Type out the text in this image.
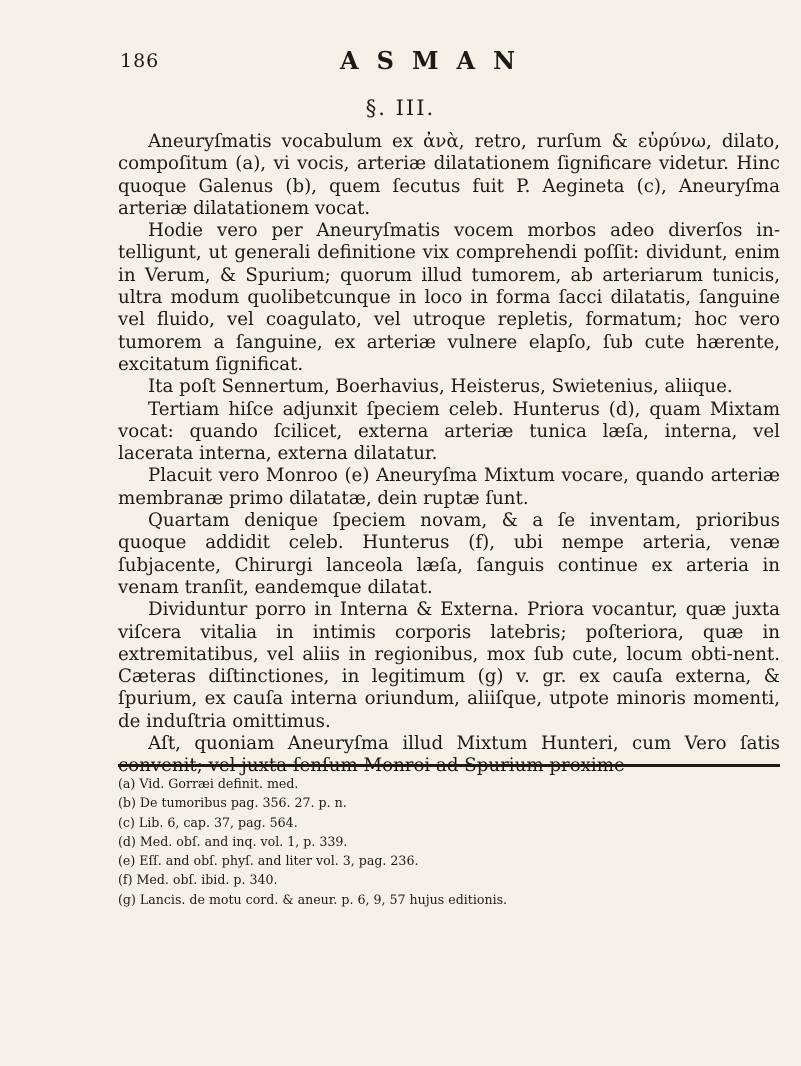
186	ASMAN
§. III.

Aneuryſmatis vocabulum ex ἀνὰ, retro, rurſum & εὐρύνω, dilato, compoſitum (a), vi vocis, arteriæ dilatationem ſignificare videtur. Hinc quoque Galenus (b), quem ſecutus fuit P. Aegineta (c), Aneuryſma arteriæ dilatationem vocat.

Hodie vero per Aneuryſmatis vocem morbos adeo diverſos in-telligunt, ut generali definitione vix comprehendi poſſit: dividunt, enim in Verum, & Spurium; quorum illud tumorem, ab arteriarum tunicis, ultra modum quolibetcunque in loco in forma ſacci dilatatis, ſanguine vel fluido, vel coagulato, vel utroque repletis, formatum; hoc vero tumorem a ſanguine, ex arteriæ vulnere elapſo, ſub cute hærente, excitatum ſignificat.

Ita poſt Sennertum, Boerhavius, Heisterus, Swietenius, aliique.

Tertiam hiſce adjunxit ſpeciem celeb. Hunterus (d), quam Mixtam vocat: quando ſcilicet, externa arteriæ tunica læſa, interna, vel lacerata interna, externa dilatatur.

Placuit vero Monroo (e) Aneuryſma Mixtum vocare, quando arteriæ membranæ primo dilatatæ, dein ruptæ ſunt.

Quartam denique ſpeciem novam, & a ſe inventam, prioribus quoque addidit celeb. Hunterus (f), ubi nempe arteria, venæ ſubjacente, Chirurgi lanceola læſa, ſanguis continue ex arteria in venam tranſit, eandemque dilatat.

Dividuntur porro in Interna & Externa. Priora vocantur, quæ juxta viſcera vitalia in intimis corporis latebris; poſteriora, quæ in extremitatibus, vel aliis in regionibus, mox ſub cute, locum obti-nent. Cæteras diſtinctiones, in legitimum (g) v. gr. ex cauſa externa, & ſpurium, ex cauſa interna oriundum, aliiſque, utpote minoris momenti, de induſtria omittimus.

Aſt, quoniam Aneuryſma illud Mixtum Hunteri, cum Vero ſatis

(a) Vid. Gorræi definit. med.
(b) De tumoribus pag. 356. 27. p. n.
(c) Lib. 6, cap. 37, pag. 564.
(d) Med. obſ. and inq. vol. 1, p. 339.
(e) Eſſ. and obſ. phyſ. and liter vol. 3, pag. 236.
(f) Med. obſ. ibid. p. 340.
(g) Lancis. de motu cord. & aneur. p. 6, 9, 57 hujus editionis.
